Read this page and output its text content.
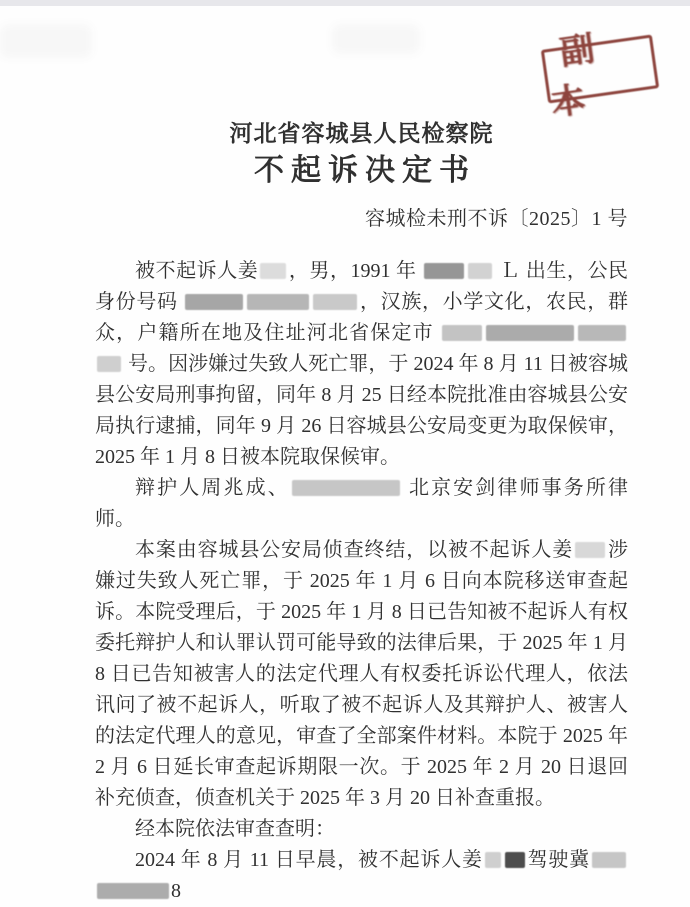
副本
河北省容城县人民检察院
不起诉决定书
容城检未刑不诉〔2025〕1 号

被不起诉人姜 ，男，1991 年	Ｌ 出生，公民身份号码	，汉族，小学文化，农民，群众，户籍所在地及住址河北省保定市  号。因涉嫌过失致人死亡罪，于 2024 年 8 月 11 日被容城县公安局刑事拘留，同年 8 月 25 日经本院批准由容城县公安局执行逮捕，同年 9 月 26 日容城县公安局变更为取保候审，2025 年 1 月 8 日被本院取保候审。

辩护人周兆成、	北京安剑律师事务所律师。

本案由容城县公安局侦查终结，以被不起诉人姜 涉嫌过失致人死亡罪，于 2025 年 1 月 6 日向本院移送审查起诉。本院受理后，于 2025 年 1 月 8 日已告知被不起诉人有权委托辩护人和认罪认罚可能导致的法律后果，于 2025 年 1 月 8 日已告知被害人的法定代理人有权委托诉讼代理人，依法讯问了被不起诉人，听取了被不起诉人及其辩护人、被害人的法定代理人的意见，审查了全部案件材料。本院于 2025 年 2 月 6 日延长审查起诉期限一次。于 2025 年 2 月 20 日退回补充侦查，侦查机关于 2025 年 3 月 20 日补查重报。

经本院依法审查查明：

2024 年 8 月 11 日早晨，被不起诉人姜 驾驶冀8
